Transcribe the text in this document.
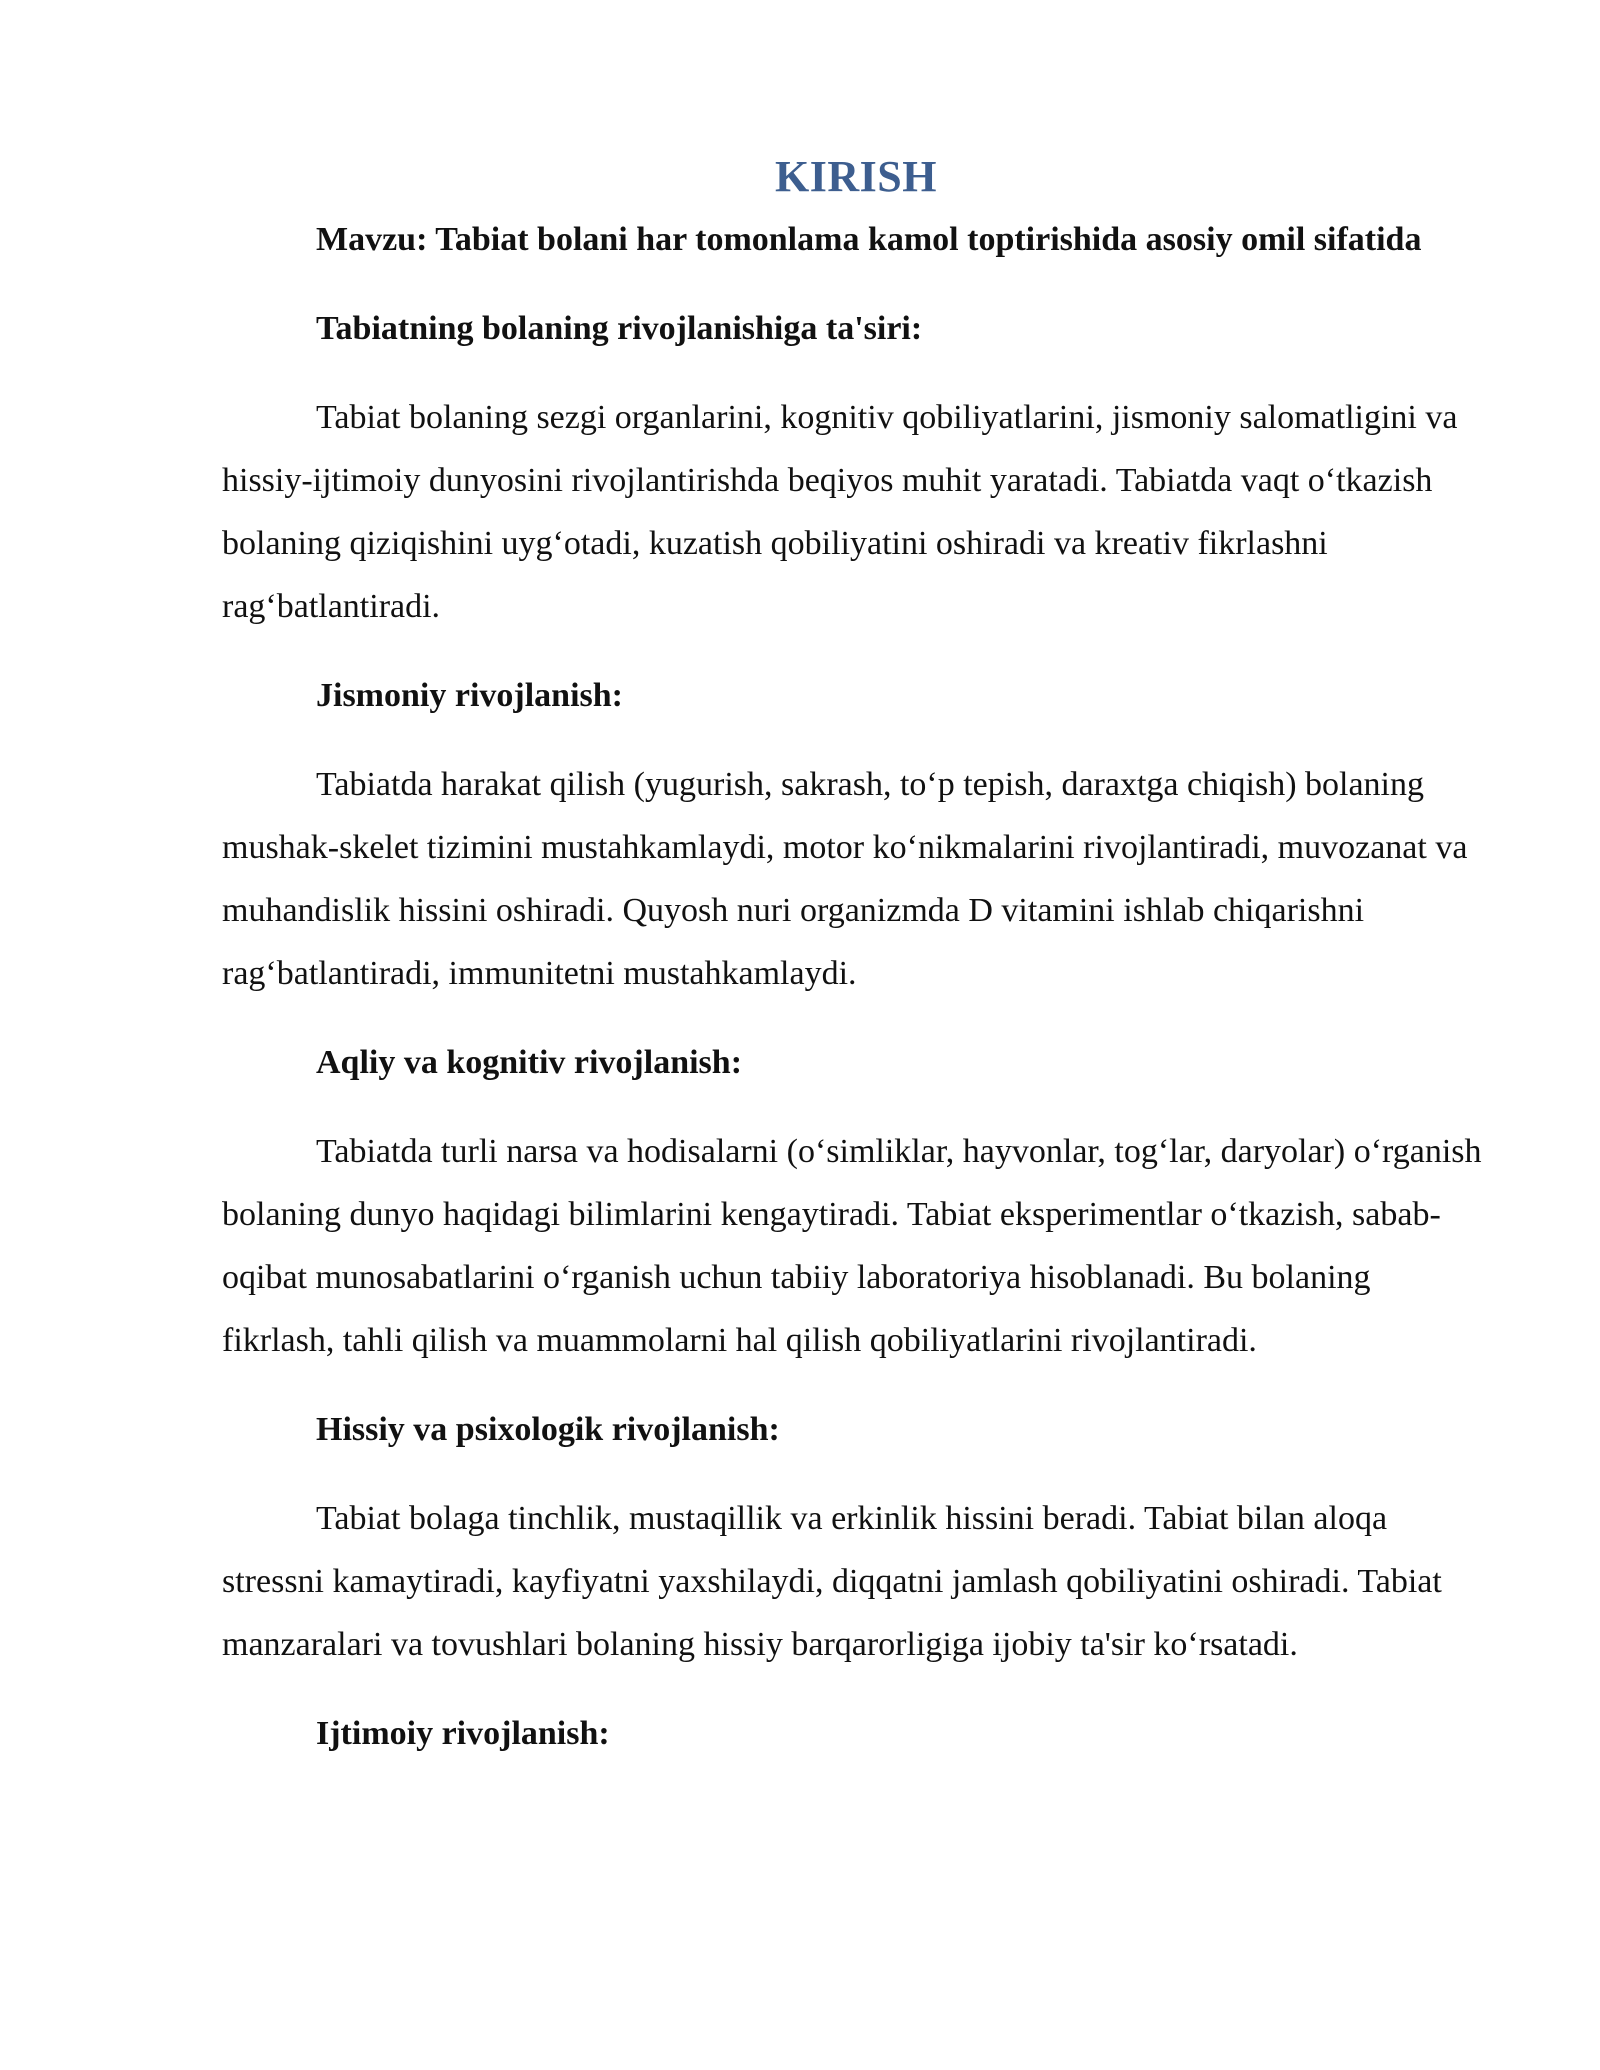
KIRISH

Mavzu: Tabiat bolani har tomonlama kamol toptirishida asosiy omil sifatida

Tabiatning bolaning rivojlanishiga ta'siri:

Tabiat bolaning sezgi organlarini, kognitiv qobiliyatlarini, jismoniy salomatligini va hissiy-ijtimoiy dunyosini rivojlantirishda beqiyos muhit yaratadi. Tabiatda vaqt o‘tkazish bolaning qiziqishini uyg‘otadi, kuzatish qobiliyatini oshiradi va kreativ fikrlashni rag‘batlantiradi.

Jismoniy rivojlanish:

Tabiatda harakat qilish (yugurish, sakrash, to‘p tepish, daraxtga chiqish) bolaning mushak-skelet tizimini mustahkamlaydi, motor ko‘nikmalarini rivojlantiradi, muvozanat va muhandislik hissini oshiradi. Quyosh nuri organizmda D vitamini ishlab chiqarishni rag‘batlantiradi, immunitetni mustahkamlaydi.

Aqliy va kognitiv rivojlanish:

Tabiatda turli narsa va hodisalarni (o‘simliklar, hayvonlar, tog‘lar, daryolar) o‘rganish bolaning dunyo haqidagi bilimlarini kengaytiradi. Tabiat eksperimentlar o‘tkazish, sabab-oqibat munosabatlarini o‘rganish uchun tabiiy laboratoriya hisoblanadi. Bu bolaning fikrlash, tahli qilish va muammolarni hal qilish qobiliyatlarini rivojlantiradi.

Hissiy va psixologik rivojlanish:

Tabiat bolaga tinchlik, mustaqillik va erkinlik hissini beradi. Tabiat bilan aloqa stressni kamaytiradi, kayfiyatni yaxshilaydi, diqqatni jamlash qobiliyatini oshiradi. Tabiat manzaralari va tovushlari bolaning hissiy barqarorligiga ijobiy ta'sir ko‘rsatadi.

Ijtimoiy rivojlanish:
